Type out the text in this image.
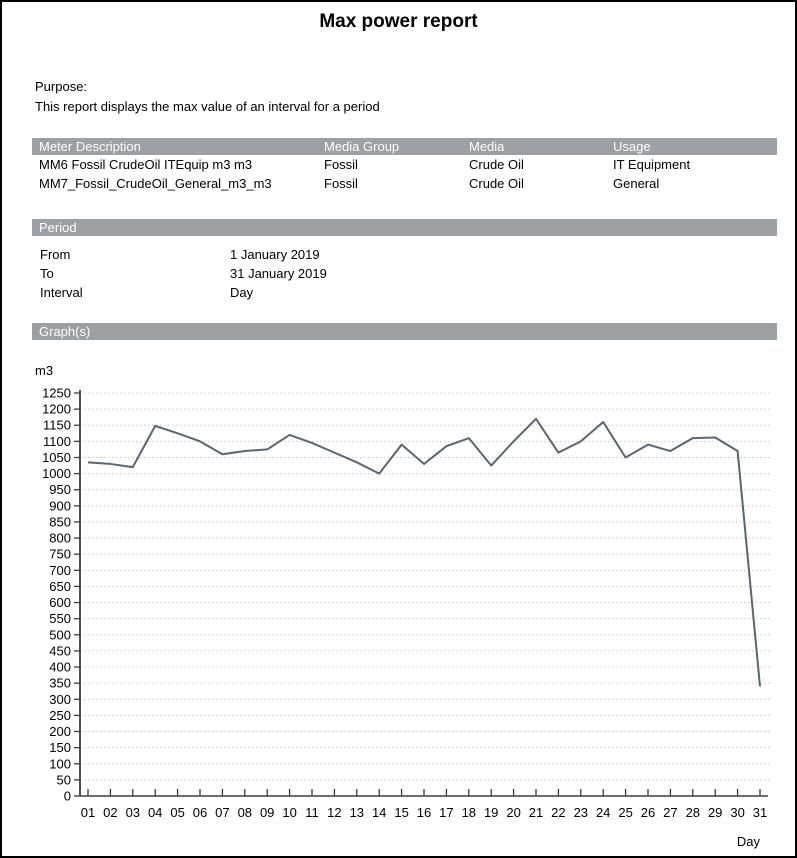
Max power report
Purpose:
This report displays the max value of an interval for a period
Meter Description	Media Group	Media	Usage
MM6 Fossil CrudeOil ITEquip m3 m3	Fossil	Crude Oil	IT Equipment
MM7_Fossil_CrudeOil_General_m3_m3	Fossil	Crude Oil	General
Period
From	1 January 2019
To	31 January 2019
Interval	Day
Graph(s)
0
50
100
150
200
250
300
350
400
450
500
550
600
650
700
750
800
850
900
950
1000
1050
1100
1150
1200
1250
01 02 03 04 05 06 07 08 09 10 11 12 13 14 15 16 17 18 19 20 21 22 23 24 25 26 27 28 29 30 31
m3
Day
